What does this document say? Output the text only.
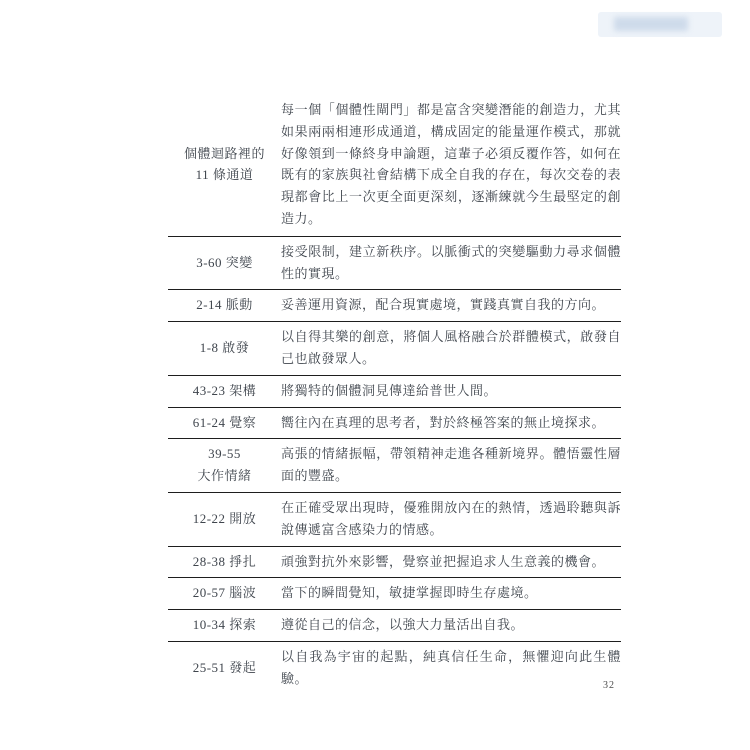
個體迴路裡的
11 條通道
每一個「個體性閘門」都是富含突變潛能的創造力，尤其如果兩兩相連形成通道，構成固定的能量運作模式，那就好像領到一條終身申論題，這輩子必須反覆作答，如何在既有的家族與社會結構下成全自我的存在，每次交卷的表現都會比上一次更全面更深刻，逐漸練就今生最堅定的創造力。
3-60 突變
接受限制，建立新秩序。以脈衝式的突變驅動力尋求個體性的實現。
2-14 脈動 妥善運用資源，配合現實處境，實踐真實自我的方向。
1-8 啟發
以自得其樂的創意，將個人風格融合於群體模式，啟發自己也啟發眾人。
43-23 架構 將獨特的個體洞見傳達給普世人間。
61-24 覺察 嚮往內在真理的思考者，對於終極答案的無止境探求。
39-55
大作情緒
高張的情緒振幅，帶領精神走進各種新境界。體悟靈性層面的豐盛。
12-22 開放
在正確受眾出現時，優雅開放內在的熱情，透過聆聽與訴說傳遞富含感染力的情感。
28-38 掙扎 頑強對抗外來影響，覺察並把握追求人生意義的機會。
20-57 腦波 當下的瞬間覺知，敏捷掌握即時生存處境。
10-34 探索 遵從自己的信念，以強大力量活出自我。
25-51 發起
以自我為宇宙的起點，純真信任生命，無懼迎向此生體驗。	32
